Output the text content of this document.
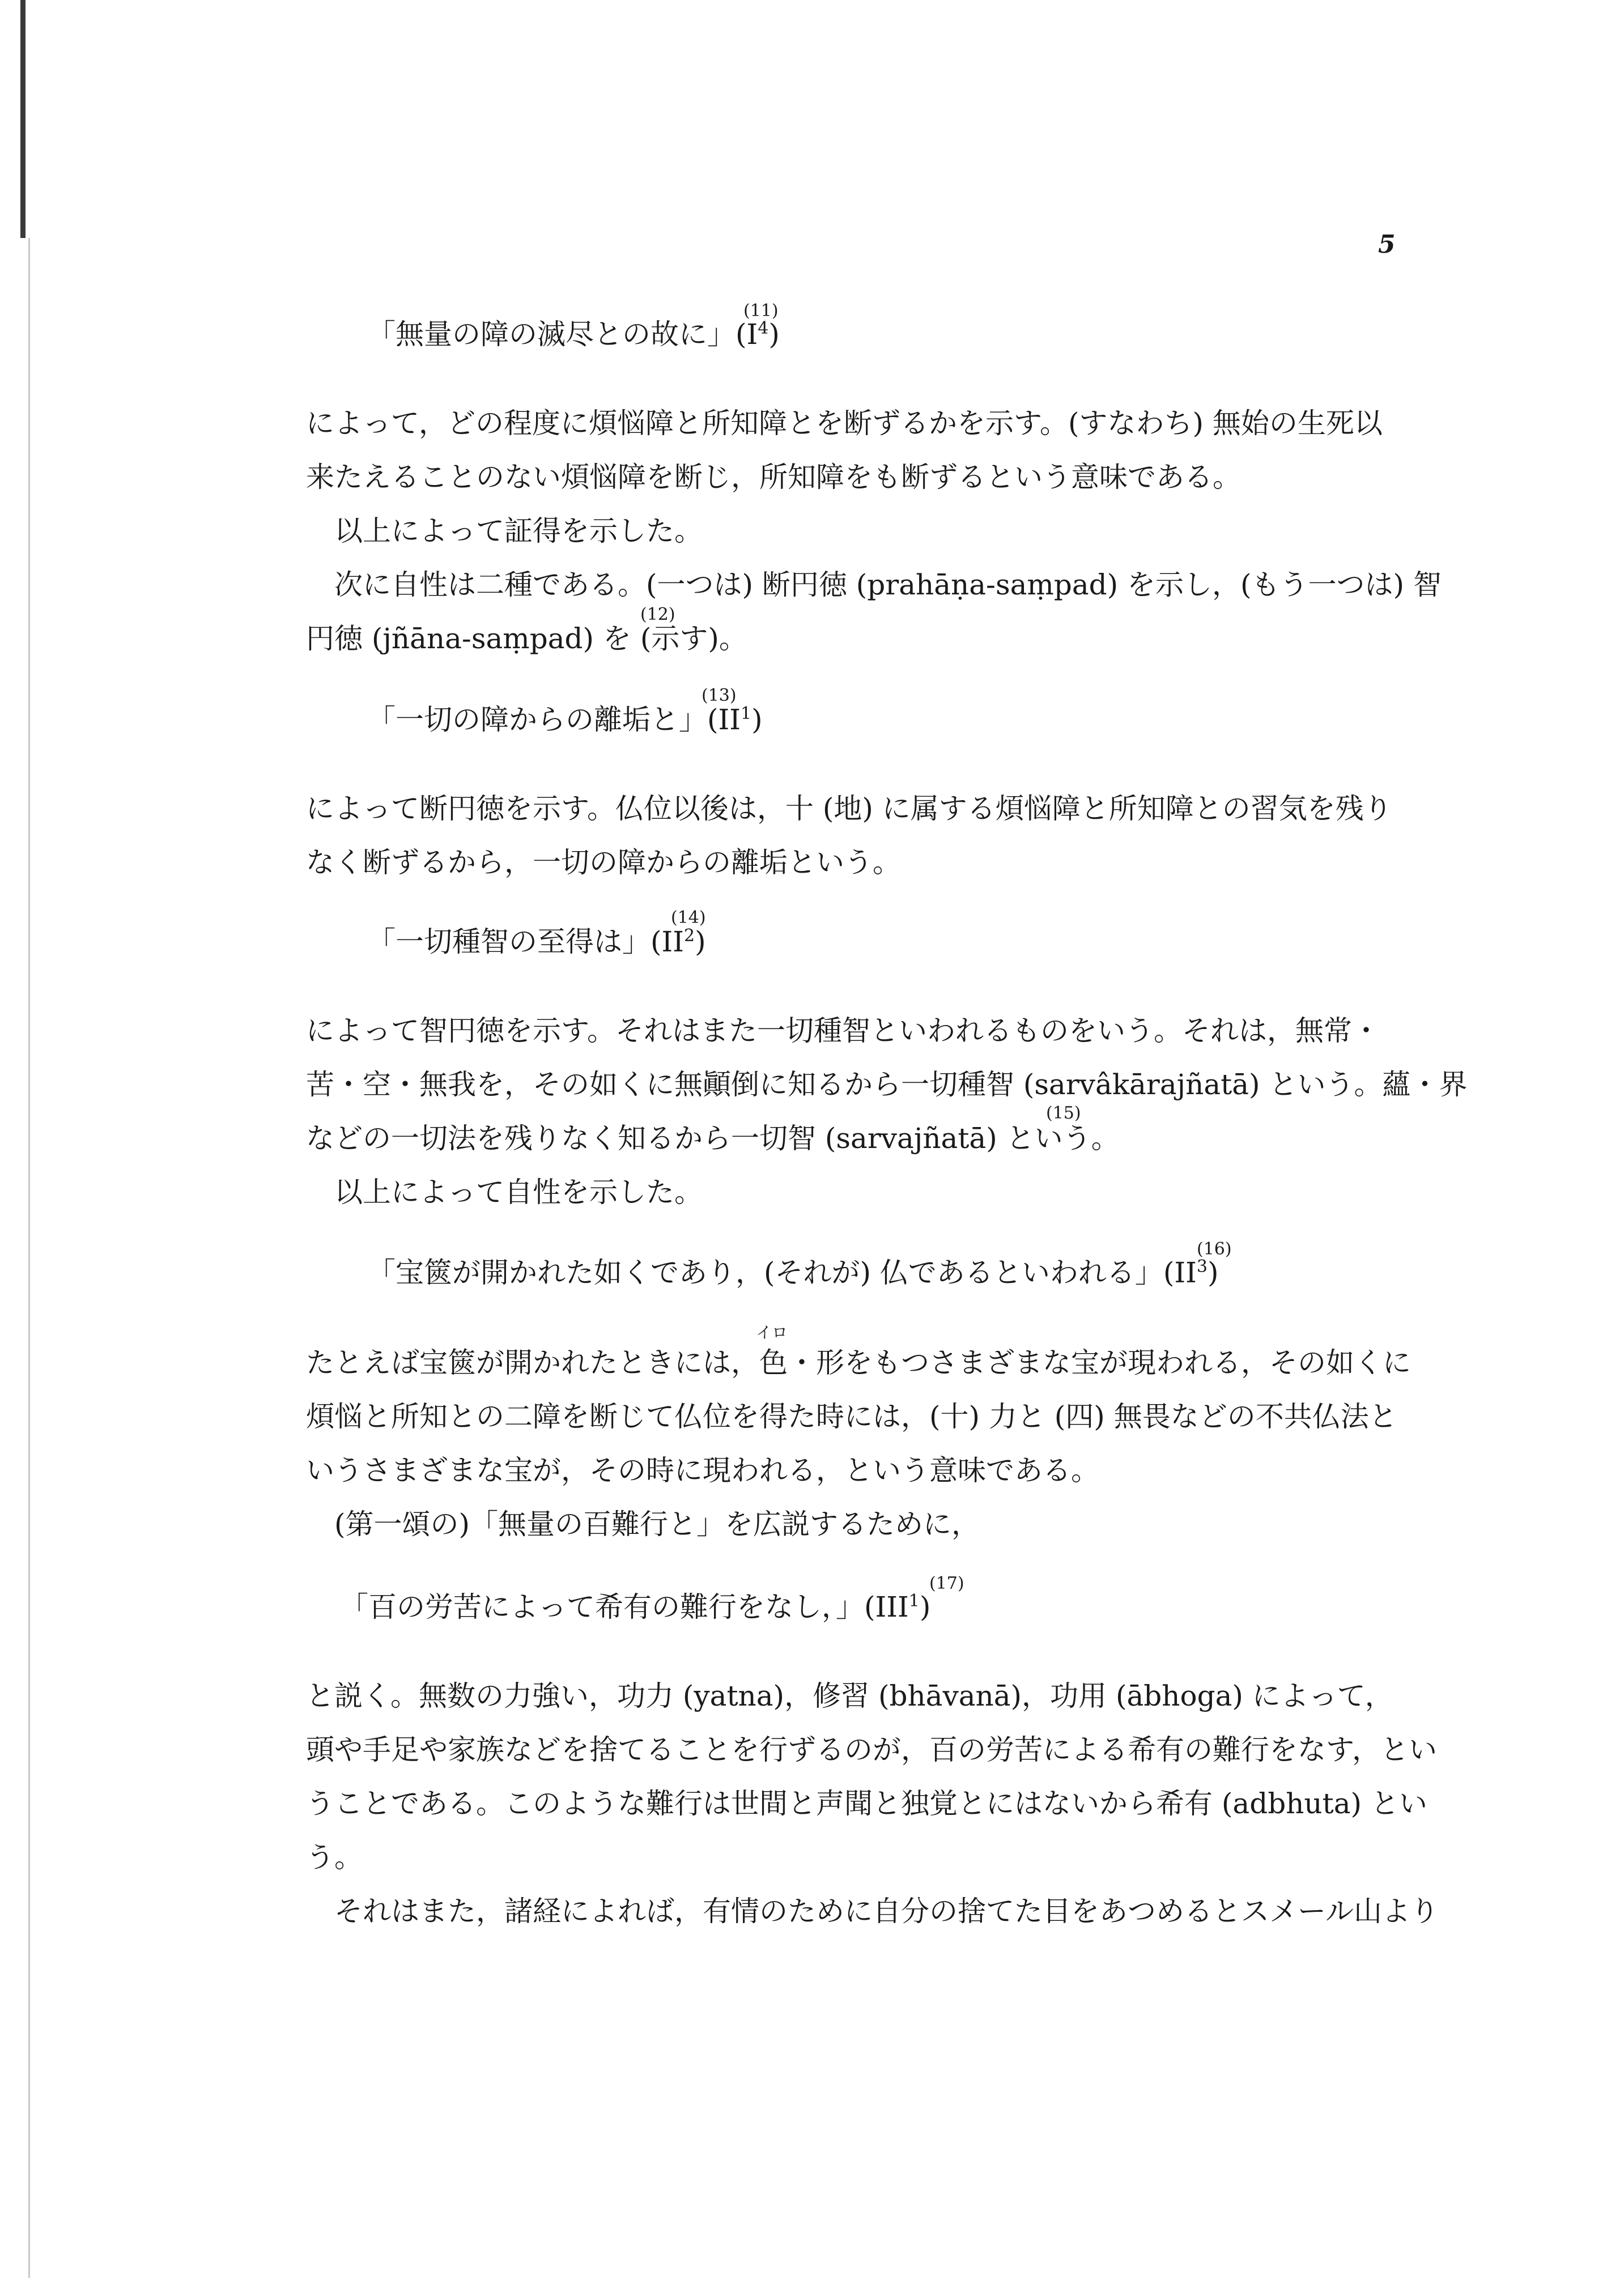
5
(11)
「無量の障の滅尽との故に」$(I^4)$
によって，どの程度に煩悩障と所知障とを断ずるかを示す。(すなわち) 無始の生死以
来たえることのない煩悩障を断じ，所知障をも断ずるという意味である。
以上によって証得を示した。
次に自性は二種である。(一つは) 断円徳 (prahāṇa-saṃpad) を示し，(もう一つは) 智
円徳 (jñāna-saṃpad) を (示す)。
(12)
(13)
「一切の障からの離垢と」$(II^1)$
によって断円徳を示す。仏位以後は，十 (地) に属する煩悩障と所知障との習気を残り
なく断ずるから，一切の障からの離垢という。
(14)
「一切種智の至得は」$(II^2)$
によって智円徳を示す。それはまた一切種智といわれるものをいう。それは，無常・
苦・空・無我を，その如くに無顚倒に知るから一切種智 (sarvâkārajñatā) という。蘊・界
などの一切法を残りなく知るから一切智 (sarvajñatā) という。
以上によって自性を示した。
(15)
(16)
「宝篋が開かれた如くであり，(それが) 仏であるといわれる」$(II^3)$
イロ
たとえば宝篋が開かれたときには，色・形をもつさまざまな宝が現われる，その如くに
煩悩と所知との二障を断じて仏位を得た時には，(十) 力と (四) 無畏などの不共仏法と
いうさまざまな宝が，その時に現われる，という意味である。
(第一頌の)「無量の百難行と」を広説するために，
(17)
「百の労苦によって希有の難行をなし，」(III$^1$)
と説く。無数の力強い，功力 (yatna)，修習 (bhāvanā)，功用 (ābhoga) によって，
頭や手足や家族などを捨てることを行ずるのが，百の労苦による希有の難行をなす，とい
うことである。このような難行は世間と声聞と独覚とにはないから希有 (adbhuta) とい
う。
それはまた，諸経によれば，有情のために自分の捨てた目をあつめるとスメール山より
